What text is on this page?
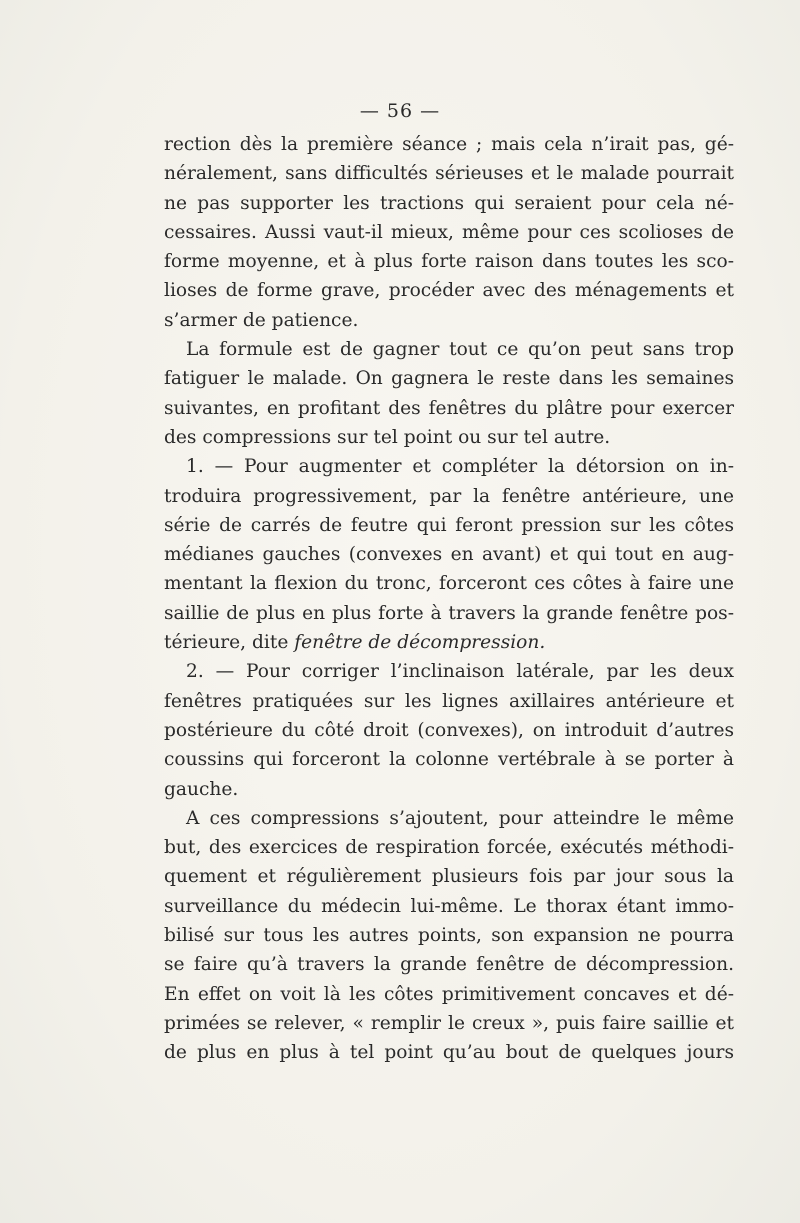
— 56 —
rection dès la première séance ; mais cela n’irait pas, gé-
néralement, sans difficultés sérieuses et le malade pourrait
ne pas supporter les tractions qui seraient pour cela né-
cessaires. Aussi vaut-il mieux, même pour ces scolioses de
forme moyenne, et à plus forte raison dans toutes les sco-
lioses de forme grave, procéder avec des ménagements et
s’armer de patience.
La formule est de gagner tout ce qu’on peut sans trop
fatiguer le malade. On gagnera le reste dans les semaines
suivantes, en profitant des fenêtres du plâtre pour exercer
des compressions sur tel point ou sur tel autre.
1. — Pour augmenter et compléter la détorsion on in-
troduira progressivement, par la fenêtre antérieure, une
série de carrés de feutre qui feront pression sur les côtes
médianes gauches (convexes en avant) et qui tout en aug-
mentant la flexion du tronc, forceront ces côtes à faire une
saillie de plus en plus forte à travers la grande fenêtre pos-
térieure, dite fenêtre de décompression.
2. — Pour corriger l’inclinaison latérale, par les deux
fenêtres pratiquées sur les lignes axillaires antérieure et
postérieure du côté droit (convexes), on introduit d’autres
coussins qui forceront la colonne vertébrale à se porter à
gauche.
A ces compressions s’ajoutent, pour atteindre le même
but, des exercices de respiration forcée, exécutés méthodi-
quement et régulièrement plusieurs fois par jour sous la
surveillance du médecin lui-même. Le thorax étant immo-
bilisé sur tous les autres points, son expansion ne pourra
se faire qu’à travers la grande fenêtre de décompression.
En effet on voit là les côtes primitivement concaves et dé-
primées se relever, « remplir le creux », puis faire saillie et
de plus en plus à tel point qu’au bout de quelques jours
